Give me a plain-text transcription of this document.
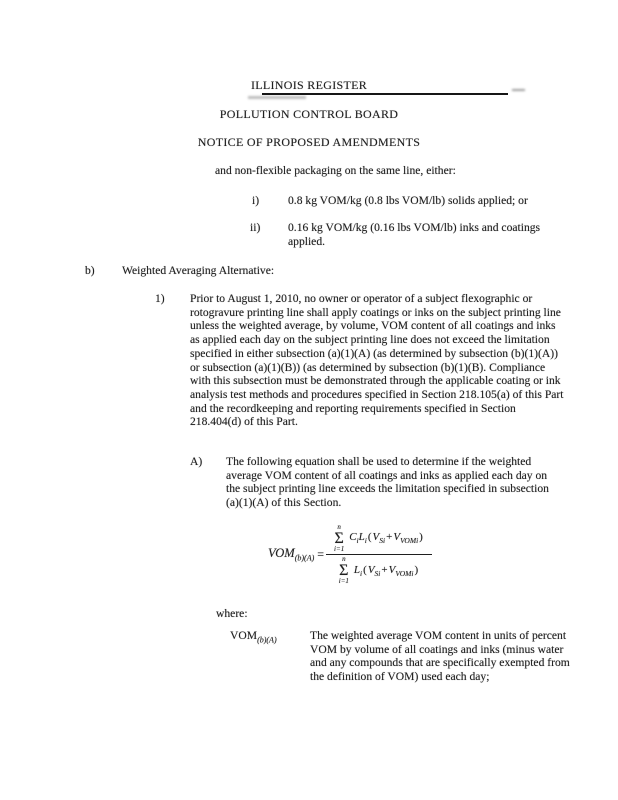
ILLINOIS REGISTER
POLLUTION CONTROL BOARD
NOTICE OF PROPOSED AMENDMENTS
and non-flexible packaging on the same line, either:
i) 0.8 kg VOM/kg (0.8 lbs VOM/lb) solids applied; or
ii) 0.16 kg VOM/kg (0.16 lbs VOM/lb) inks and coatings applied.
b) Weighted Averaging Alternative:
1) Prior to August 1, 2010, no owner or operator of a subject flexographic or rotogravure printing line shall apply coatings or inks on the subject printing line unless the weighted average, by volume, VOM content of all coatings and inks as applied each day on the subject printing line does not exceed the limitation specified in either subsection (a)(1)(A) (as determined by subsection (b)(1)(A)) or subsection (a)(1)(B)) (as determined by subsection (b)(1)(B). Compliance with this subsection must be demonstrated through the applicable coating or ink analysis test methods and procedures specified in Section 218.105(a) of this Part and the recordkeeping and reporting requirements specified in Section 218.404(d) of this Part.
A) The following equation shall be used to determine if the weighted average VOM content of all coatings and inks as applied each day on the subject printing line exceeds the limitation specified in subsection (a)(1)(A) of this Section.
$VOM_{(b)(A)} = n$
Σ
i=1
$C_iL_i(V_{Si}+V_{VOMi})$
n
Σ
i=1
$L_i(V_{Si}+V_{VOMi})$
where:
$VOM_{(b)(A)}$	The weighted average VOM content in units of percent VOM by volume of all coatings and inks (minus water and any compounds that are specifically exempted from the definition of VOM) used each day;
